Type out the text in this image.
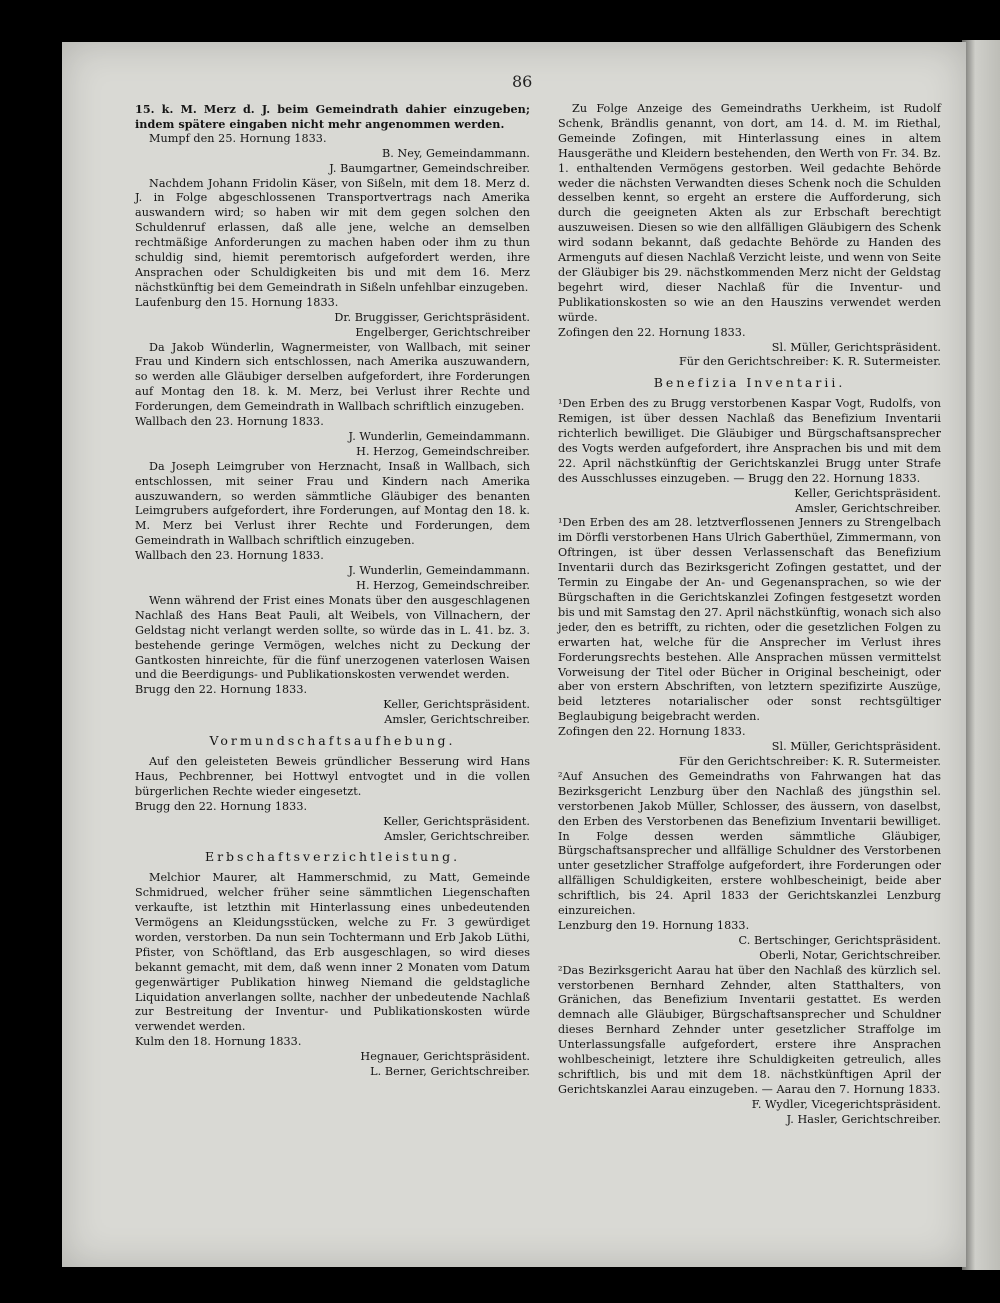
86

15. k. M. Merz d. J. beim Gemeindrath dahier einzugeben; indem spätere eingaben nicht mehr angenommen werden.

Mumpf den 25. Hornung 1833.

B. Ney, Gemeindammann.

J. Baumgartner, Gemeindschreiber.

Nachdem Johann Fridolin Käser, von Sißeln, mit dem 18. Merz d. J. in Folge abgeschlossenen Transportvertrags nach Amerika auswandern wird; so haben wir mit dem gegen solchen den Schuldenruf erlassen, daß alle jene, welche an demselben rechtmäßige Anforderungen zu machen haben oder ihm zu thun schuldig sind, hiemit peremtorisch aufgefordert werden, ihre Ansprachen oder Schuldigkeiten bis und mit dem 16. Merz nächstkünftig bei dem Gemeindrath in Sißeln unfehlbar einzugeben.

Laufenburg den 15. Hornung 1833.

Dr. Bruggisser, Gerichtspräsident.

Engelberger, Gerichtschreiber

Da Jakob Wünderlin, Wagnermeister, von Wallbach, mit seiner Frau und Kindern sich entschlossen, nach Amerika auszuwandern, so werden alle Gläubiger derselben aufgefordert, ihre Forderungen auf Montag den 18. k. M. Merz, bei Verlust ihrer Rechte und Forderungen, dem Gemeindrath in Wallbach schriftlich einzugeben.

Wallbach den 23. Hornung 1833.

J. Wunderlin, Gemeindammann.

H. Herzog, Gemeindschreiber.

Da Joseph Leimgruber von Herznacht, Insaß in Wallbach, sich entschlossen, mit seiner Frau und Kindern nach Amerika auszuwandern, so werden sämmtliche Gläubiger des benanten Leimgrubers aufgefordert, ihre Forderungen, auf Montag den 18. k. M. Merz bei Verlust ihrer Rechte und Forderungen, dem Gemeindrath in Wallbach schriftlich einzugeben.

Wallbach den 23. Hornung 1833.

J. Wunderlin, Gemeindammann.

H. Herzog, Gemeindschreiber.

Wenn während der Frist eines Monats über den ausgeschlagenen Nachlaß des Hans Beat Pauli, alt Weibels, von Villnachern, der Geldstag nicht verlangt werden sollte, so würde das in L. 41. bz. 3. bestehende geringe Vermögen, welches nicht zu Deckung der Gantkosten hinreichte, für die fünf unerzogenen vaterlosen Waisen und die Beerdigungs- und Publikationskosten verwendet werden.

Brugg den 22. Hornung 1833.

Keller, Gerichtspräsident.

Amsler, Gerichtschreiber.

Vormundschaftsaufhebung.

Auf den geleisteten Beweis gründlicher Besserung wird Hans Haus, Pechbrenner, bei Hottwyl entvogtet und in die vollen bürgerlichen Rechte wieder eingesetzt.

Brugg den 22. Hornung 1833.

Keller, Gerichtspräsident.

Amsler, Gerichtschreiber.

Erbschaftsverzichtleistung.

Melchior Maurer, alt Hammerschmid, zu Matt, Gemeinde Schmidrued, welcher früher seine sämmtlichen Liegenschaften verkaufte, ist letzthin mit Hinterlassung eines unbedeutenden Vermögens an Kleidungsstücken, welche zu Fr. 3 gewürdiget worden, verstorben. Da nun sein Tochtermann und Erb Jakob Lüthi, Pfister, von Schöftland, das Erb ausgeschlagen, so wird dieses bekannt gemacht, mit dem, daß wenn inner 2 Monaten vom Datum gegenwärtiger Publikation hinweg Niemand die geldstagliche Liquidation anverlangen sollte, nachher der unbedeutende Nachlaß zur Bestreitung der Inventur- und Publikationskosten würde verwendet werden.

Kulm den 18. Hornung 1833.

Hegnauer, Gerichtspräsident.

L. Berner, Gerichtschreiber.

Zu Folge Anzeige des Gemeindraths Uerkheim, ist Rudolf Schenk, Brändlis genannt, von dort, am 14. d. M. im Riethal, Gemeinde Zofingen, mit Hinterlassung eines in altem Hausgeräthe und Kleidern bestehenden, den Werth von Fr. 34. Bz. 1. enthaltenden Vermögens gestorben. Weil gedachte Behörde weder die nächsten Verwandten dieses Schenk noch die Schulden desselben kennt, so ergeht an erstere die Aufforderung, sich durch die geeigneten Akten als zur Erbschaft berechtigt auszuweisen. Diesen so wie den allfälligen Gläubigern des Schenk wird sodann bekannt, daß gedachte Behörde zu Handen des Armenguts auf diesen Nachlaß Verzicht leiste, und wenn von Seite der Gläubiger bis 29. nächstkommenden Merz nicht der Geldstag begehrt wird, dieser Nachlaß für die Inventur- und Publikationskosten so wie an den Hauszins verwendet werden würde.

Zofingen den 22. Hornung 1833.

Sl. Müller, Gerichtspräsident.

Für den Gerichtschreiber: K. R. Sutermeister.

Benefizia Inventarii.

¹Den Erben des zu Brugg verstorbenen Kaspar Vogt, Rudolfs, von Remigen, ist über dessen Nachlaß das Benefizium Inventarii richterlich bewilliget. Die Gläubiger und Bürgschaftsansprecher des Vogts werden aufgefordert, ihre Ansprachen bis und mit dem 22. April nächstkünftig der Gerichtskanzlei Brugg unter Strafe des Ausschlusses einzugeben. — Brugg den 22. Hornung 1833.

Keller, Gerichtspräsident.

Amsler, Gerichtschreiber.

¹Den Erben des am 28. letztverflossenen Jenners zu Strengelbach im Dörfli verstorbenen Hans Ulrich Gaberthüel, Zimmermann, von Oftringen, ist über dessen Verlassenschaft das Benefizium Inventarii durch das Bezirksgericht Zofingen gestattet, und der Termin zu Eingabe der An- und Gegenansprachen, so wie der Bürgschaften in die Gerichtskanzlei Zofingen festgesetzt worden bis und mit Samstag den 27. April nächstkünftig, wonach sich also jeder, den es betrifft, zu richten, oder die gesetzlichen Folgen zu erwarten hat, welche für die Ansprecher im Verlust ihres Forderungsrechts bestehen. Alle Ansprachen müssen vermittelst Vorweisung der Titel oder Bücher in Original bescheinigt, oder aber von erstern Abschriften, von letztern spezifizirte Auszüge, beid letzteres notarialischer oder sonst rechtsgültiger Beglaubigung beigebracht werden.

Zofingen den 22. Hornung 1833.

Sl. Müller, Gerichtspräsident.

Für den Gerichtschreiber: K. R. Sutermeister.

²Auf Ansuchen des Gemeindraths von Fahrwangen hat das Bezirksgericht Lenzburg über den Nachlaß des jüngsthin sel. verstorbenen Jakob Müller, Schlosser, des äussern, von daselbst, den Erben des Verstorbenen das Benefizium Inventarii bewilliget. In Folge dessen werden sämmtliche Gläubiger, Bürgschaftsansprecher und allfällige Schuldner des Verstorbenen unter gesetzlicher Straffolge aufgefordert, ihre Forderungen oder allfälligen Schuldigkeiten, erstere wohlbescheinigt, beide aber schriftlich, bis 24. April 1833 der Gerichtskanzlei Lenzburg einzureichen.

Lenzburg den 19. Hornung 1833.

C. Bertschinger, Gerichtspräsident.

Oberli, Notar, Gerichtschreiber.

²Das Bezirksgericht Aarau hat über den Nachlaß des kürzlich sel. verstorbenen Bernhard Zehnder, alten Statthalters, von Gränichen, das Benefizium Inventarii gestattet. Es werden demnach alle Gläubiger, Bürgschaftsansprecher und Schuldner dieses Bernhard Zehnder unter gesetzlicher Straffolge im Unterlassungsfalle aufgefordert, erstere ihre Ansprachen wohlbescheinigt, letztere ihre Schuldigkeiten getreulich, alles schriftlich, bis und mit dem 18. nächstkünftigen April der Gerichtskanzlei Aarau einzugeben. — Aarau den 7. Hornung 1833.

F. Wydler, Vicegerichtspräsident.

J. Hasler, Gerichtschreiber.
